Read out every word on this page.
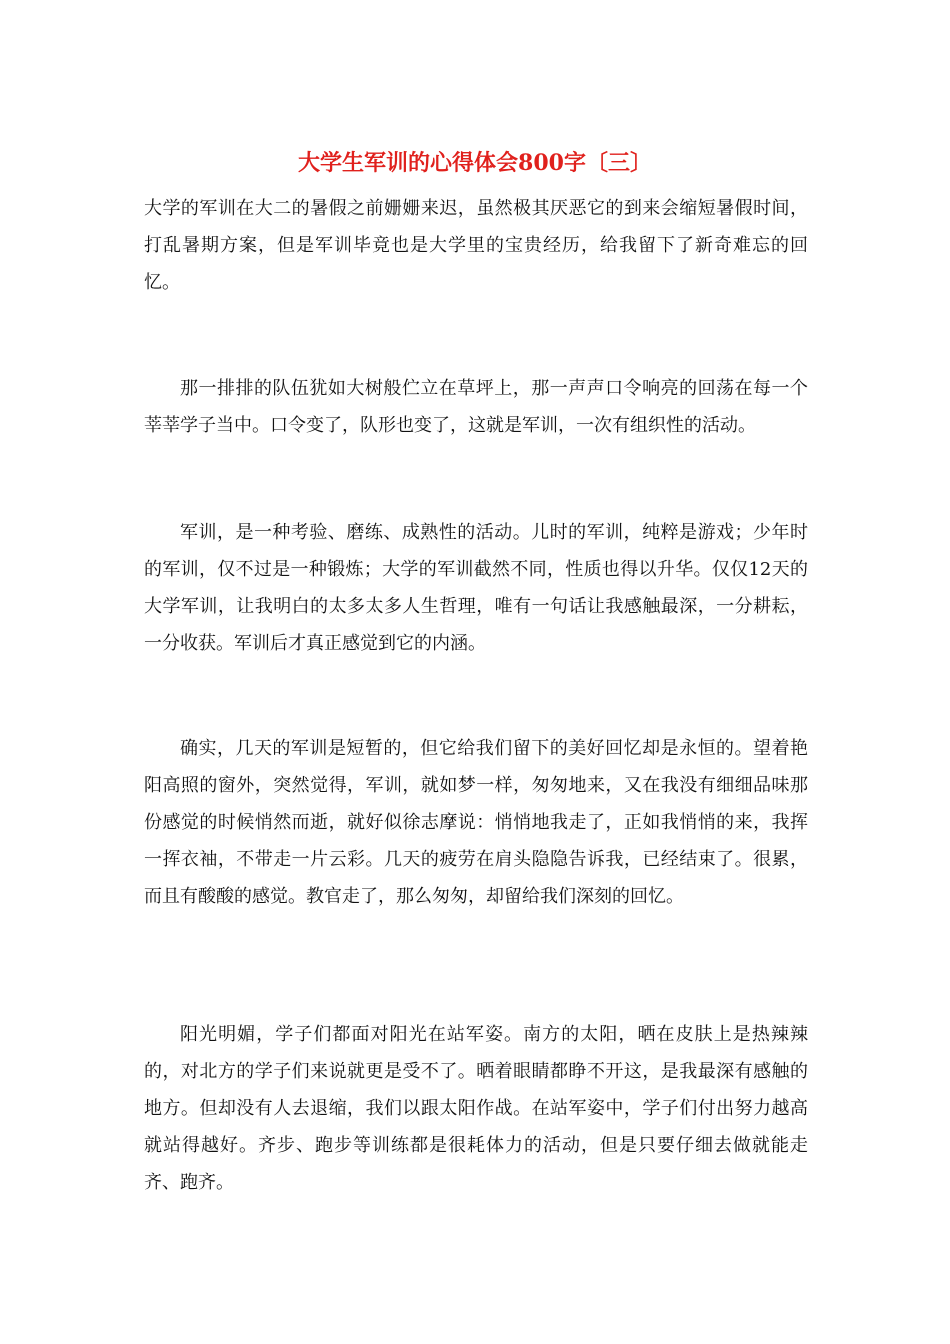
大学生军训的心得体会800字〔三〕

大学的军训在大二的暑假之前姗姗来迟，虽然极其厌恶它的到来会缩短暑假时间，打乱暑期方案，但是军训毕竟也是大学里的宝贵经历，给我留下了新奇难忘的回忆。

那一排排的队伍犹如大树般伫立在草坪上，那一声声口令响亮的回荡在每一个莘莘学子当中。口令变了，队形也变了，这就是军训，一次有组织性的活动。

军训，是一种考验、磨练、成熟性的活动。儿时的军训，纯粹是游戏；少年时的军训，仅不过是一种锻炼；大学的军训截然不同，性质也得以升华。仅仅12天的大学军训，让我明白的太多太多人生哲理，唯有一句话让我感触最深，一分耕耘，一分收获。军训后才真正感觉到它的内涵。

确实，几天的军训是短暂的，但它给我们留下的美好回忆却是永恒的。望着艳阳高照的窗外，突然觉得，军训，就如梦一样，匆匆地来，又在我没有细细品味那份感觉的时候悄然而逝，就好似徐志摩说：悄悄地我走了，正如我悄悄的来，我挥一挥衣袖，不带走一片云彩。几天的疲劳在肩头隐隐告诉我，已经结束了。很累，而且有酸酸的感觉。教官走了，那么匆匆，却留给我们深刻的回忆。

阳光明媚，学子们都面对阳光在站军姿。南方的太阳，晒在皮肤上是热辣辣的，对北方的学子们来说就更是受不了。晒着眼睛都睁不开这，是我最深有感触的地方。但却没有人去退缩，我们以跟太阳作战。在站军姿中，学子们付出努力越高就站得越好。齐步、跑步等训练都是很耗体力的活动，但是只要仔细去做就能走齐、跑齐。
